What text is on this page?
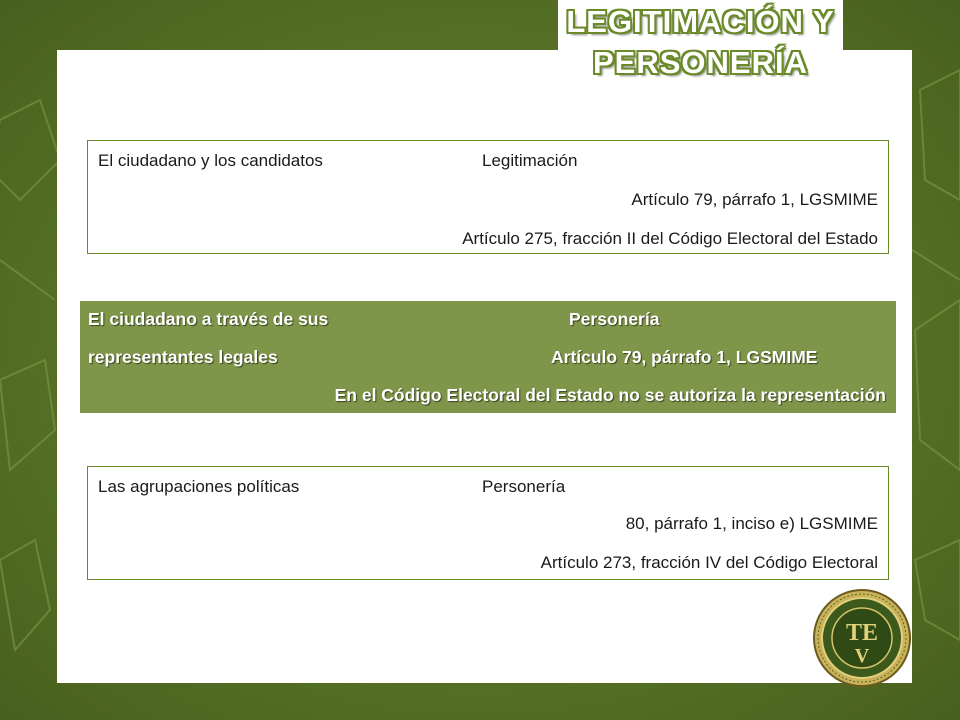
LEGITIMACIÓN Y
PERSONERÍA
El ciudadano y los candidatos	Legitimación
Artículo 79, párrafo 1, LGSMIME
Artículo 275, fracción II del Código Electoral del Estado
El ciudadano a través de sus	Personería
representantes legales	Artículo 79, párrafo 1, LGSMIME
En el Código Electoral del Estado no se autoriza la representación
Las agrupaciones políticas	Personería
80, párrafo 1, inciso e) LGSMIME
Artículo 273, fracción IV del Código Electoral
TE
V
